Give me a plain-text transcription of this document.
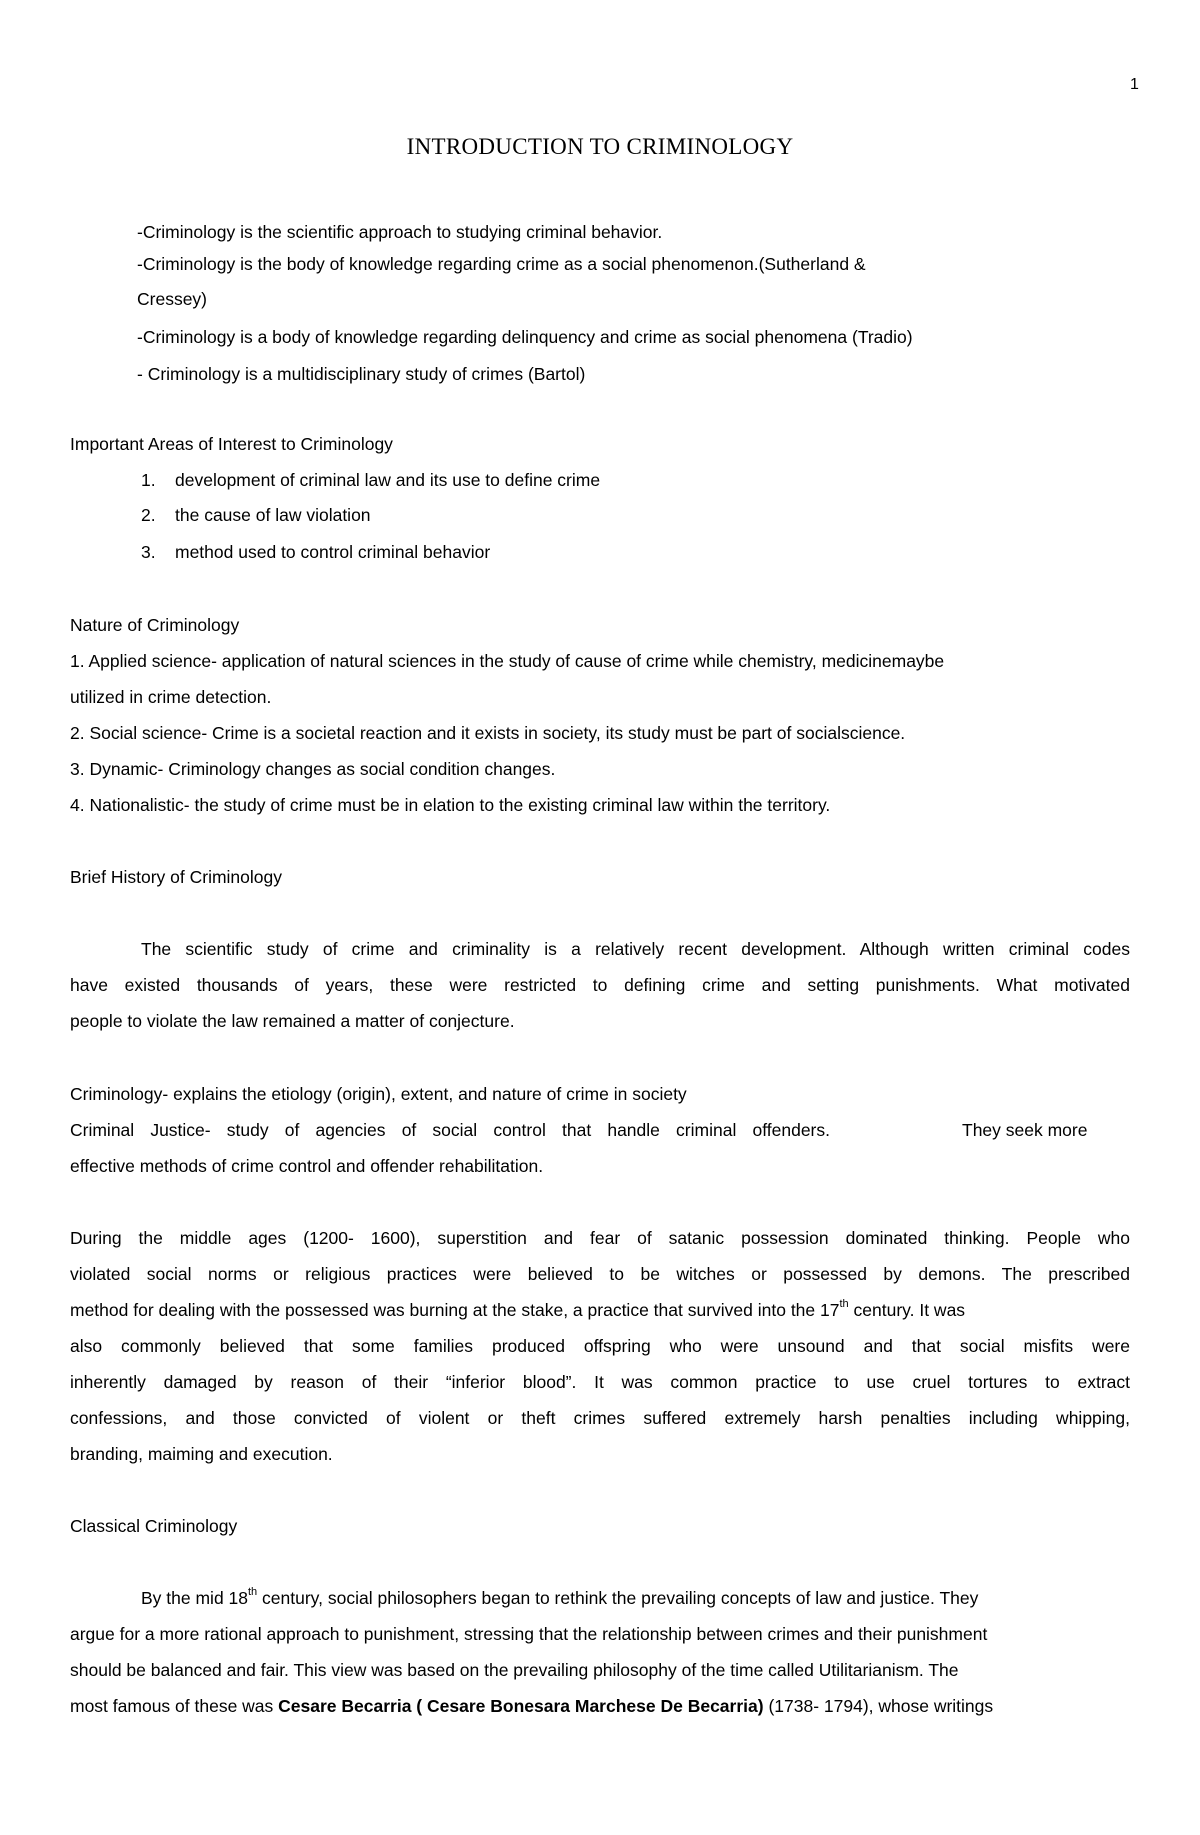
1
INTRODUCTION TO CRIMINOLOGY
-Criminology is the scientific approach to studying criminal behavior.
-Criminology is the body of knowledge regarding crime as a social phenomenon.(Sutherland &
Cressey)
-Criminology is a body of knowledge regarding delinquency and crime as social phenomena (Tradio)
- Criminology is a multidisciplinary study of crimes (Bartol)
Important Areas of Interest to Criminology
1. development of criminal law and its use to define crime
2. the cause of law violation
3. method used to control criminal behavior
Nature of Criminology
1. Applied science- application of natural sciences in the study of cause of crime while chemistry, medicinemaybe
utilized in crime detection.
2. Social science- Crime is a societal reaction and it exists in society, its study must be part of socialscience.
3. Dynamic- Criminology changes as social condition changes.
4. Nationalistic- the study of crime must be in elation to the existing criminal law within the territory.
Brief History of Criminology
The scientific study of crime and criminality is a relatively recent development. Although written criminal codes
have existed thousands of years, these were restricted to defining crime and setting punishments. What motivated
people to violate the law remained a matter of conjecture.
Criminology- explains the etiology (origin), extent, and nature of crime in society
Criminal Justice- study of agencies of social control that handle criminal offenders.	They seek more
effective methods of crime control and offender rehabilitation.
During the middle ages (1200- 1600), superstition and fear of satanic possession dominated thinking. People who
violated social norms or religious practices were believed to be witches or possessed by demons. The prescribed
method for dealing with the possessed was burning at the stake, a practice that survived into the 17th century. It was
also commonly believed that some families produced offspring who were unsound and that social misfits were
inherently damaged by reason of their “inferior blood”. It was common practice to use cruel tortures to extract
confessions, and those convicted of violent or theft crimes suffered extremely harsh penalties including whipping,
branding, maiming and execution.
Classical Criminology
By the mid 18th century, social philosophers began to rethink the prevailing concepts of law and justice. They
argue for a more rational approach to punishment, stressing that the relationship between crimes and their punishment
should be balanced and fair. This view was based on the prevailing philosophy of the time called Utilitarianism. The
most famous of these was Cesare Becarria ( Cesare Bonesara Marchese De Becarria) (1738- 1794), whose writings
